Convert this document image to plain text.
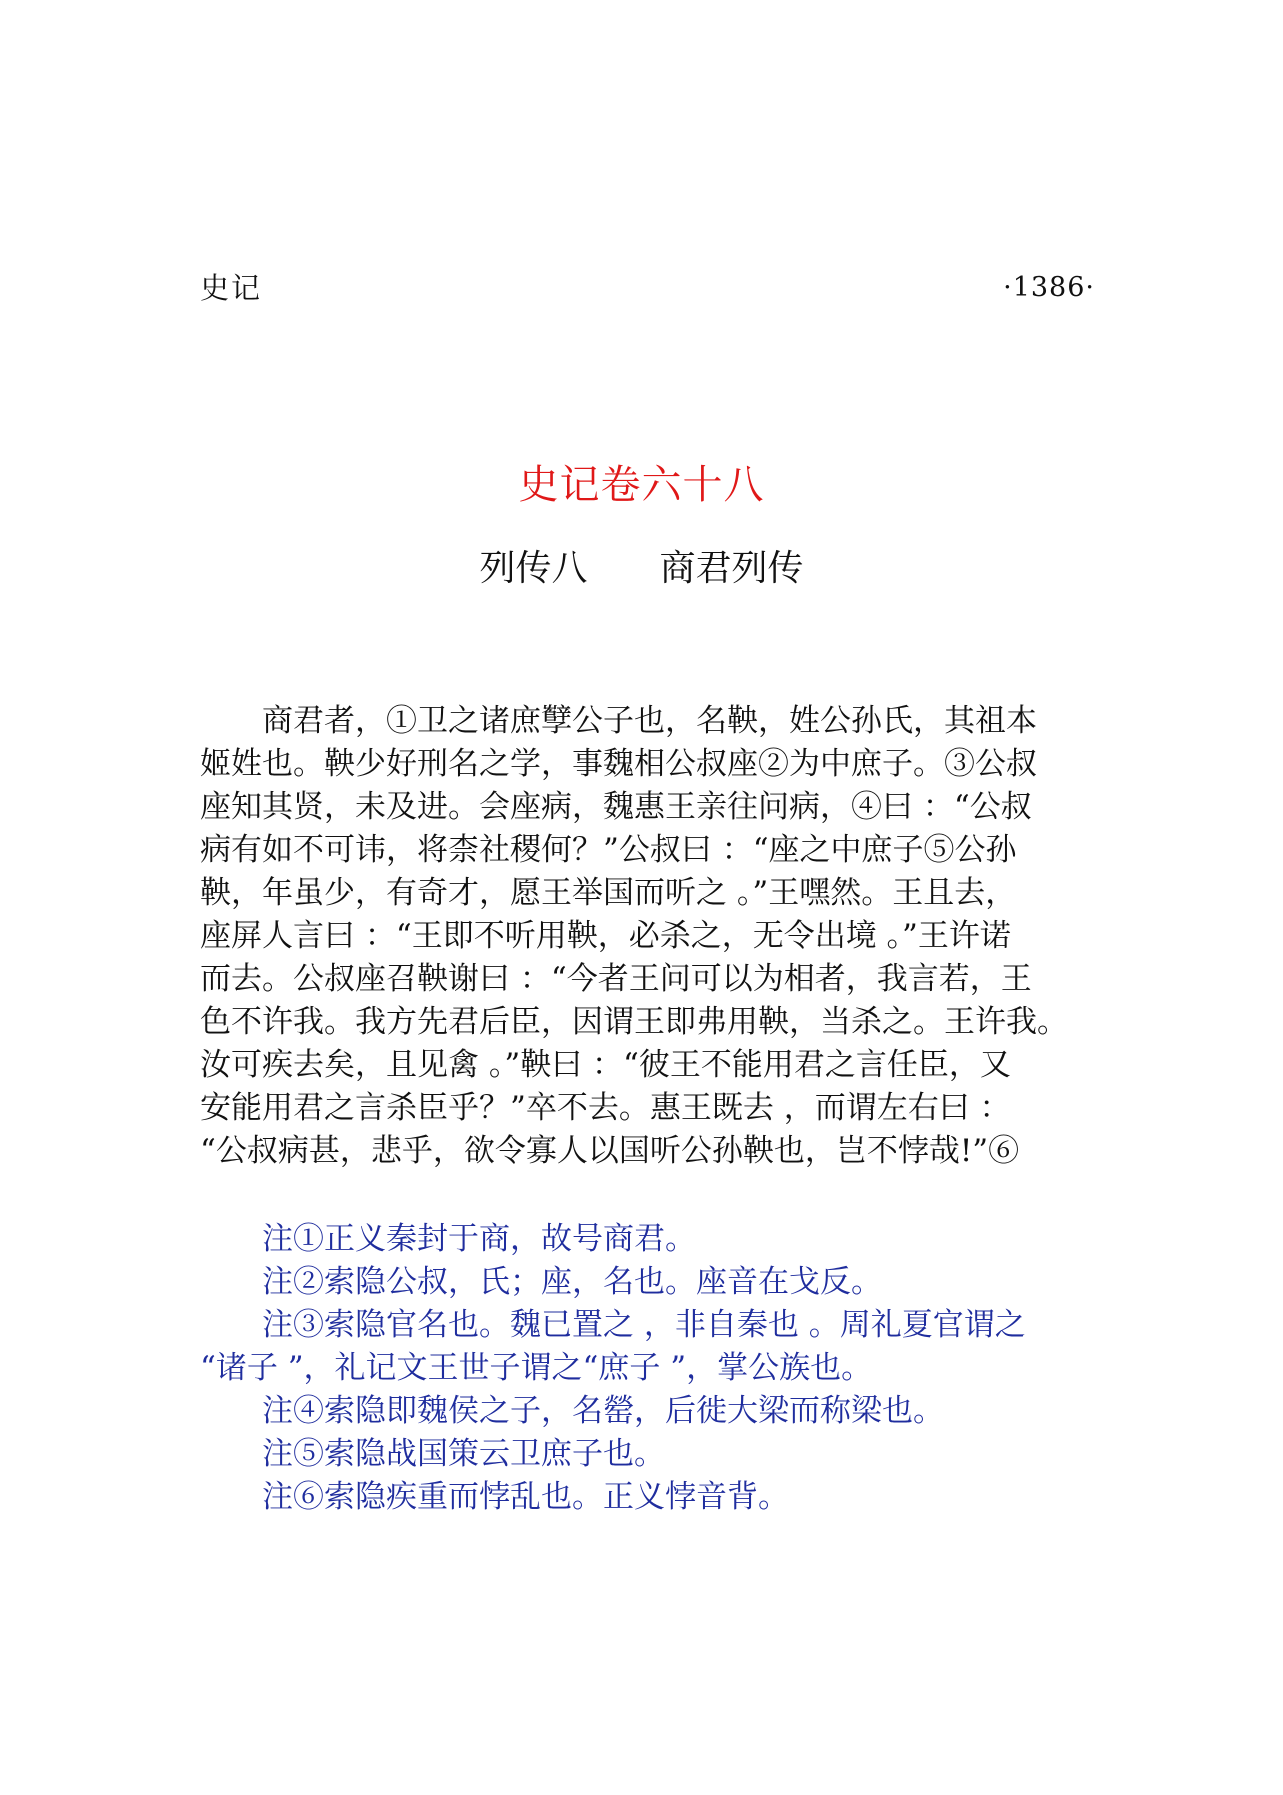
史记	·1386·
史记卷六十八
列传八　　商君列传
　　商君者，①卫之诸庶孼公子也，名鞅，姓公孙氏，其祖本
姬姓也。鞅少好刑名之学，事魏相公叔座②为中庶子。③公叔
座知其贤，未及进。会座病，魏惠王亲往问病，④曰 ：“公叔
病有如不可讳，将柰社稷何？”公叔曰 ：“座之中庶子⑤公孙
鞅，年虽少，有奇才，愿王举国而听之 。”王嘿然。王且去，
座屏人言曰 ：“王即不听用鞅，必杀之，无令出境 。”王许诺
而去。公叔座召鞅谢曰 ：“今者王问可以为相者，我言若，王
色不许我。我方先君后臣，因谓王即弗用鞅，当杀之。王许我。
汝可疾去矣，且见禽 。”鞅曰 ：“彼王不能用君之言任臣，又
安能用君之言杀臣乎？”卒不去。惠王既去 ，而谓左右曰 ：
“公叔病甚，悲乎，欲令寡人以国听公孙鞅也，岂不悖哉!”⑥
　　注①正义秦封于商，故号商君。
　　注②索隐公叔，氏；座，名也。座音在戈反。
　　注③索隐官名也。魏已置之 ，非自秦也 。周礼夏官谓之
“诸子 ”，礼记文王世子谓之“庶子 ”，掌公族也。
　　注④索隐即魏侯之子，名罃，后徙大梁而称梁也。
　　注⑤索隐战国策云卫庶子也。
　　注⑥索隐疾重而悖乱也。正义悖音背。
